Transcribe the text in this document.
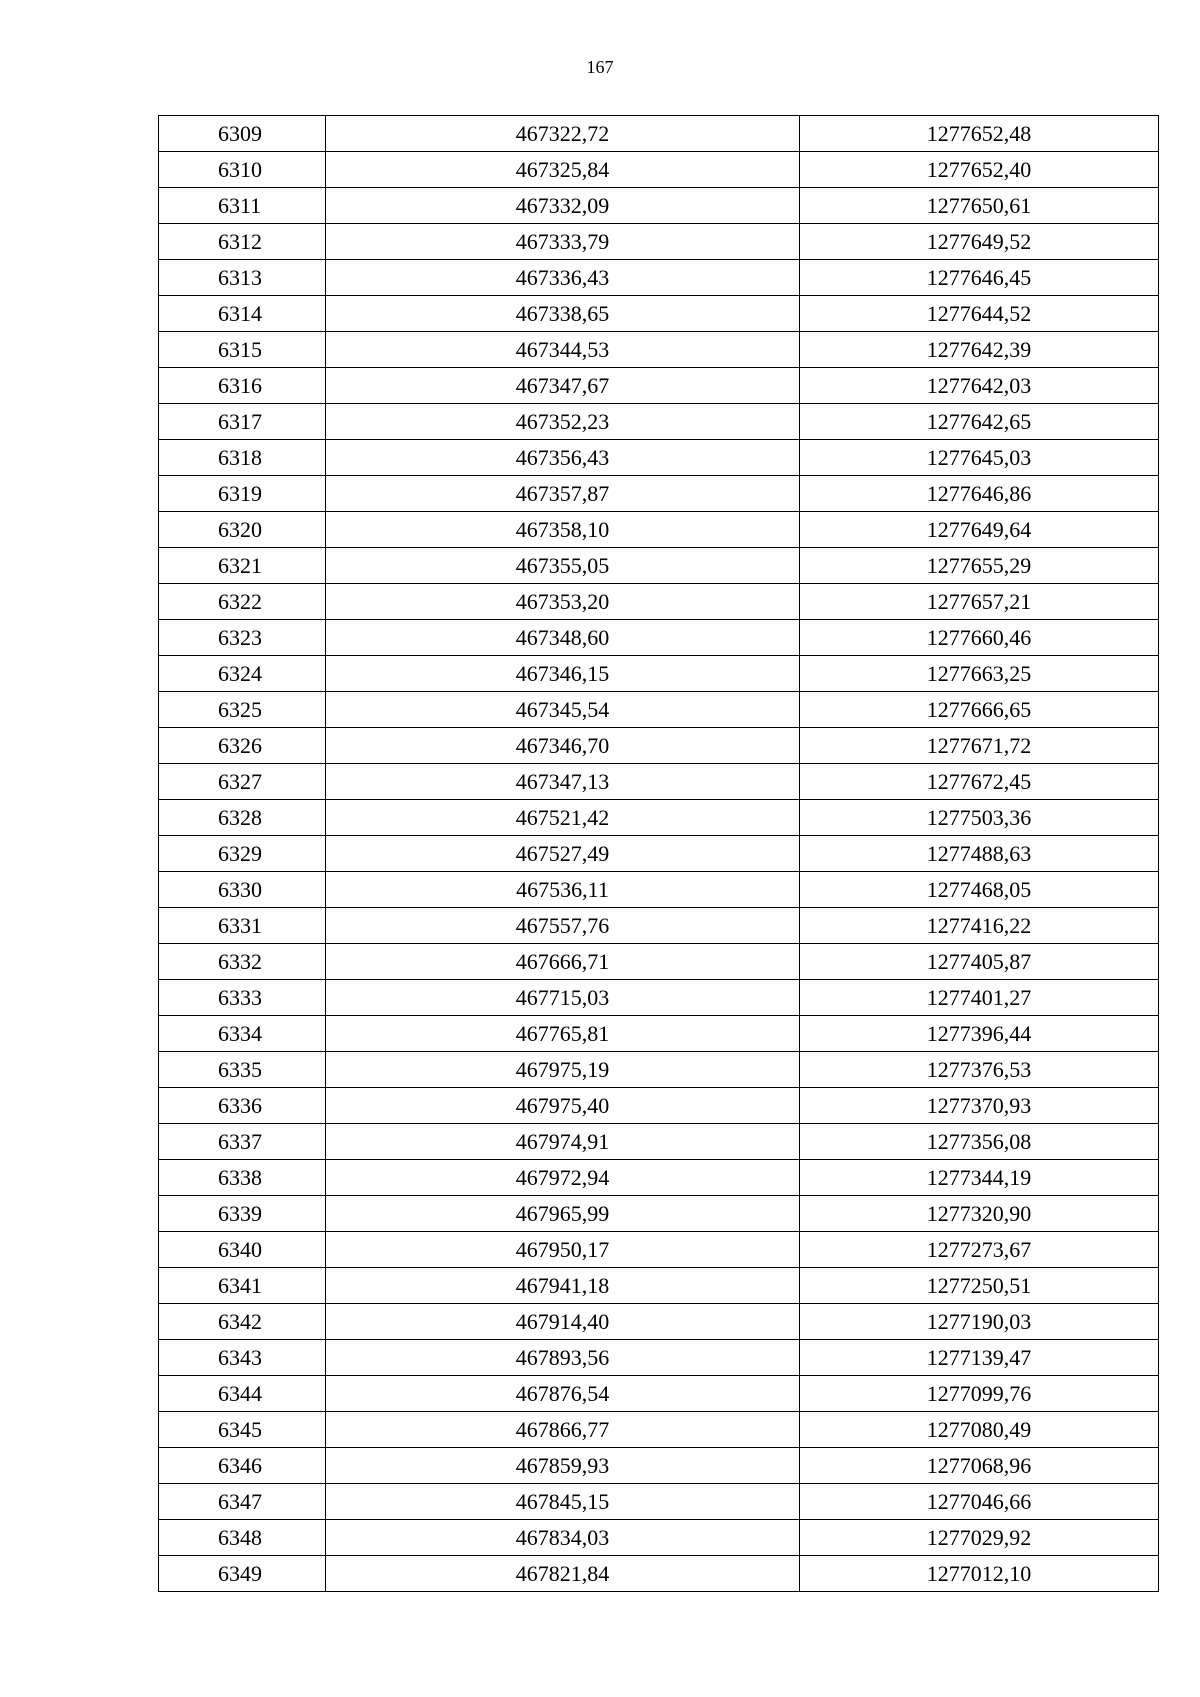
167
6309	467322,72	1277652,48
6310	467325,84	1277652,40
6311	467332,09	1277650,61
6312	467333,79	1277649,52
6313	467336,43	1277646,45
6314	467338,65	1277644,52
6315	467344,53	1277642,39
6316	467347,67	1277642,03
6317	467352,23	1277642,65
6318	467356,43	1277645,03
6319	467357,87	1277646,86
6320	467358,10	1277649,64
6321	467355,05	1277655,29
6322	467353,20	1277657,21
6323	467348,60	1277660,46
6324	467346,15	1277663,25
6325	467345,54	1277666,65
6326	467346,70	1277671,72
6327	467347,13	1277672,45
6328	467521,42	1277503,36
6329	467527,49	1277488,63
6330	467536,11	1277468,05
6331	467557,76	1277416,22
6332	467666,71	1277405,87
6333	467715,03	1277401,27
6334	467765,81	1277396,44
6335	467975,19	1277376,53
6336	467975,40	1277370,93
6337	467974,91	1277356,08
6338	467972,94	1277344,19
6339	467965,99	1277320,90
6340	467950,17	1277273,67
6341	467941,18	1277250,51
6342	467914,40	1277190,03
6343	467893,56	1277139,47
6344	467876,54	1277099,76
6345	467866,77	1277080,49
6346	467859,93	1277068,96
6347	467845,15	1277046,66
6348	467834,03	1277029,92
6349	467821,84	1277012,10
